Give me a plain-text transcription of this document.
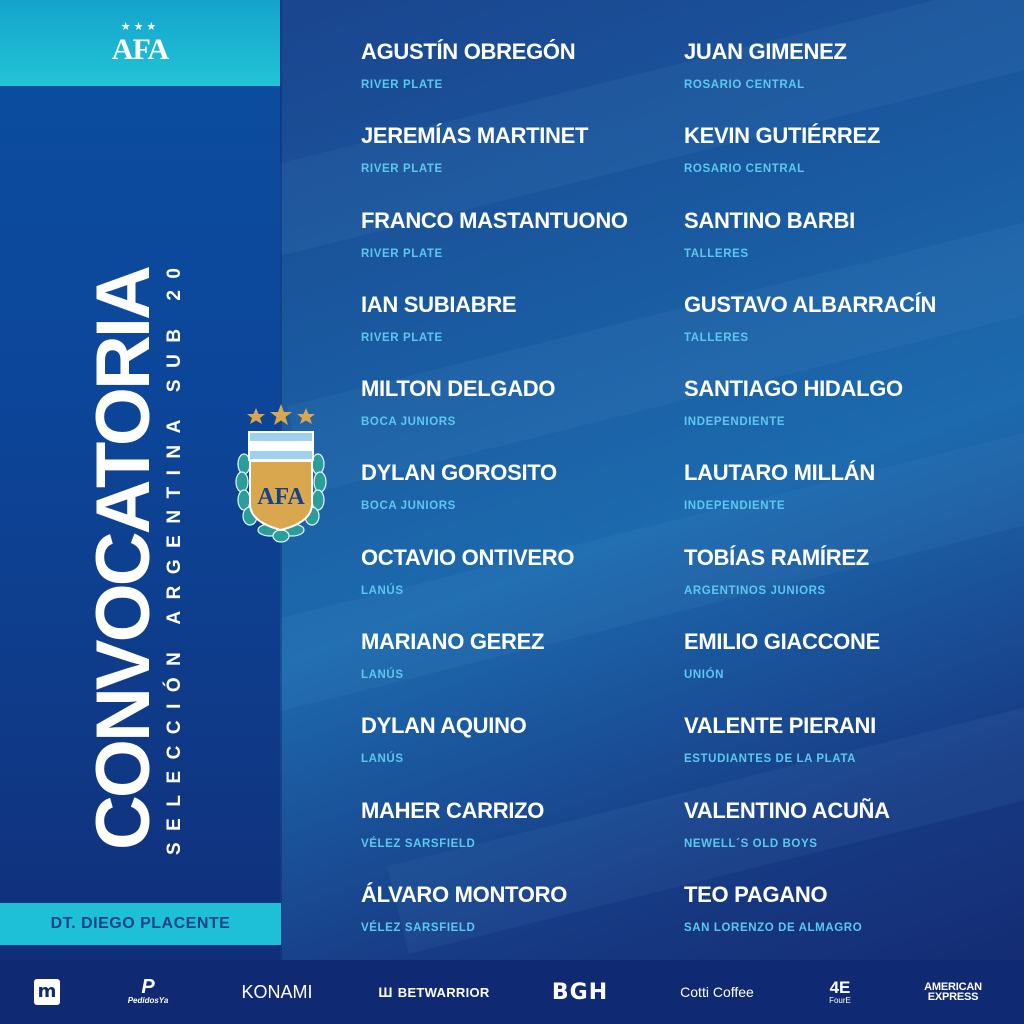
★★★
AFA
CONVOCATORIA
SELECCIÓN ARGENTINA SUB 20	AFA
DT. DIEGO PLACENTE
AGUSTÍN OBREGÓN
RIVER PLATE
JEREMÍAS MARTINET
RIVER PLATE
FRANCO MASTANTUONO
RIVER PLATE
IAN SUBIABRE
RIVER PLATE
MILTON DELGADO
BOCA JUNIORS
DYLAN GOROSITO
BOCA JUNIORS
OCTAVIO ONTIVERO
LANÚS
MARIANO GEREZ
LANÚS
DYLAN AQUINO
LANÚS
MAHER CARRIZO
VÉLEZ SARSFIELD
ÁLVARO MONTORO
VÉLEZ SARSFIELD
JUAN GIMENEZ
ROSARIO CENTRAL
KEVIN GUTIÉRREZ
ROSARIO CENTRAL
SANTINO BARBI
TALLERES
GUSTAVO ALBARRACÍN
TALLERES
SANTIAGO HIDALGO
INDEPENDIENTE
LAUTARO MILLÁN
INDEPENDIENTE
TOBÍAS RAMÍREZ
ARGENTINOS JUNIORS
EMILIO GIACCONE
UNIÓN
VALENTE PIERANI
ESTUDIANTES DE LA PLATA
VALENTINO ACUÑA
NEWELL´S OLD BOYS
TEO PAGANO
SAN LORENZO DE ALMAGRO
m	P
PedidosYa	KONAMI	Ш BETWARRIOR	BGH	Cotti Coffee	4E
FourE
AMERICAN
EXPRESS
